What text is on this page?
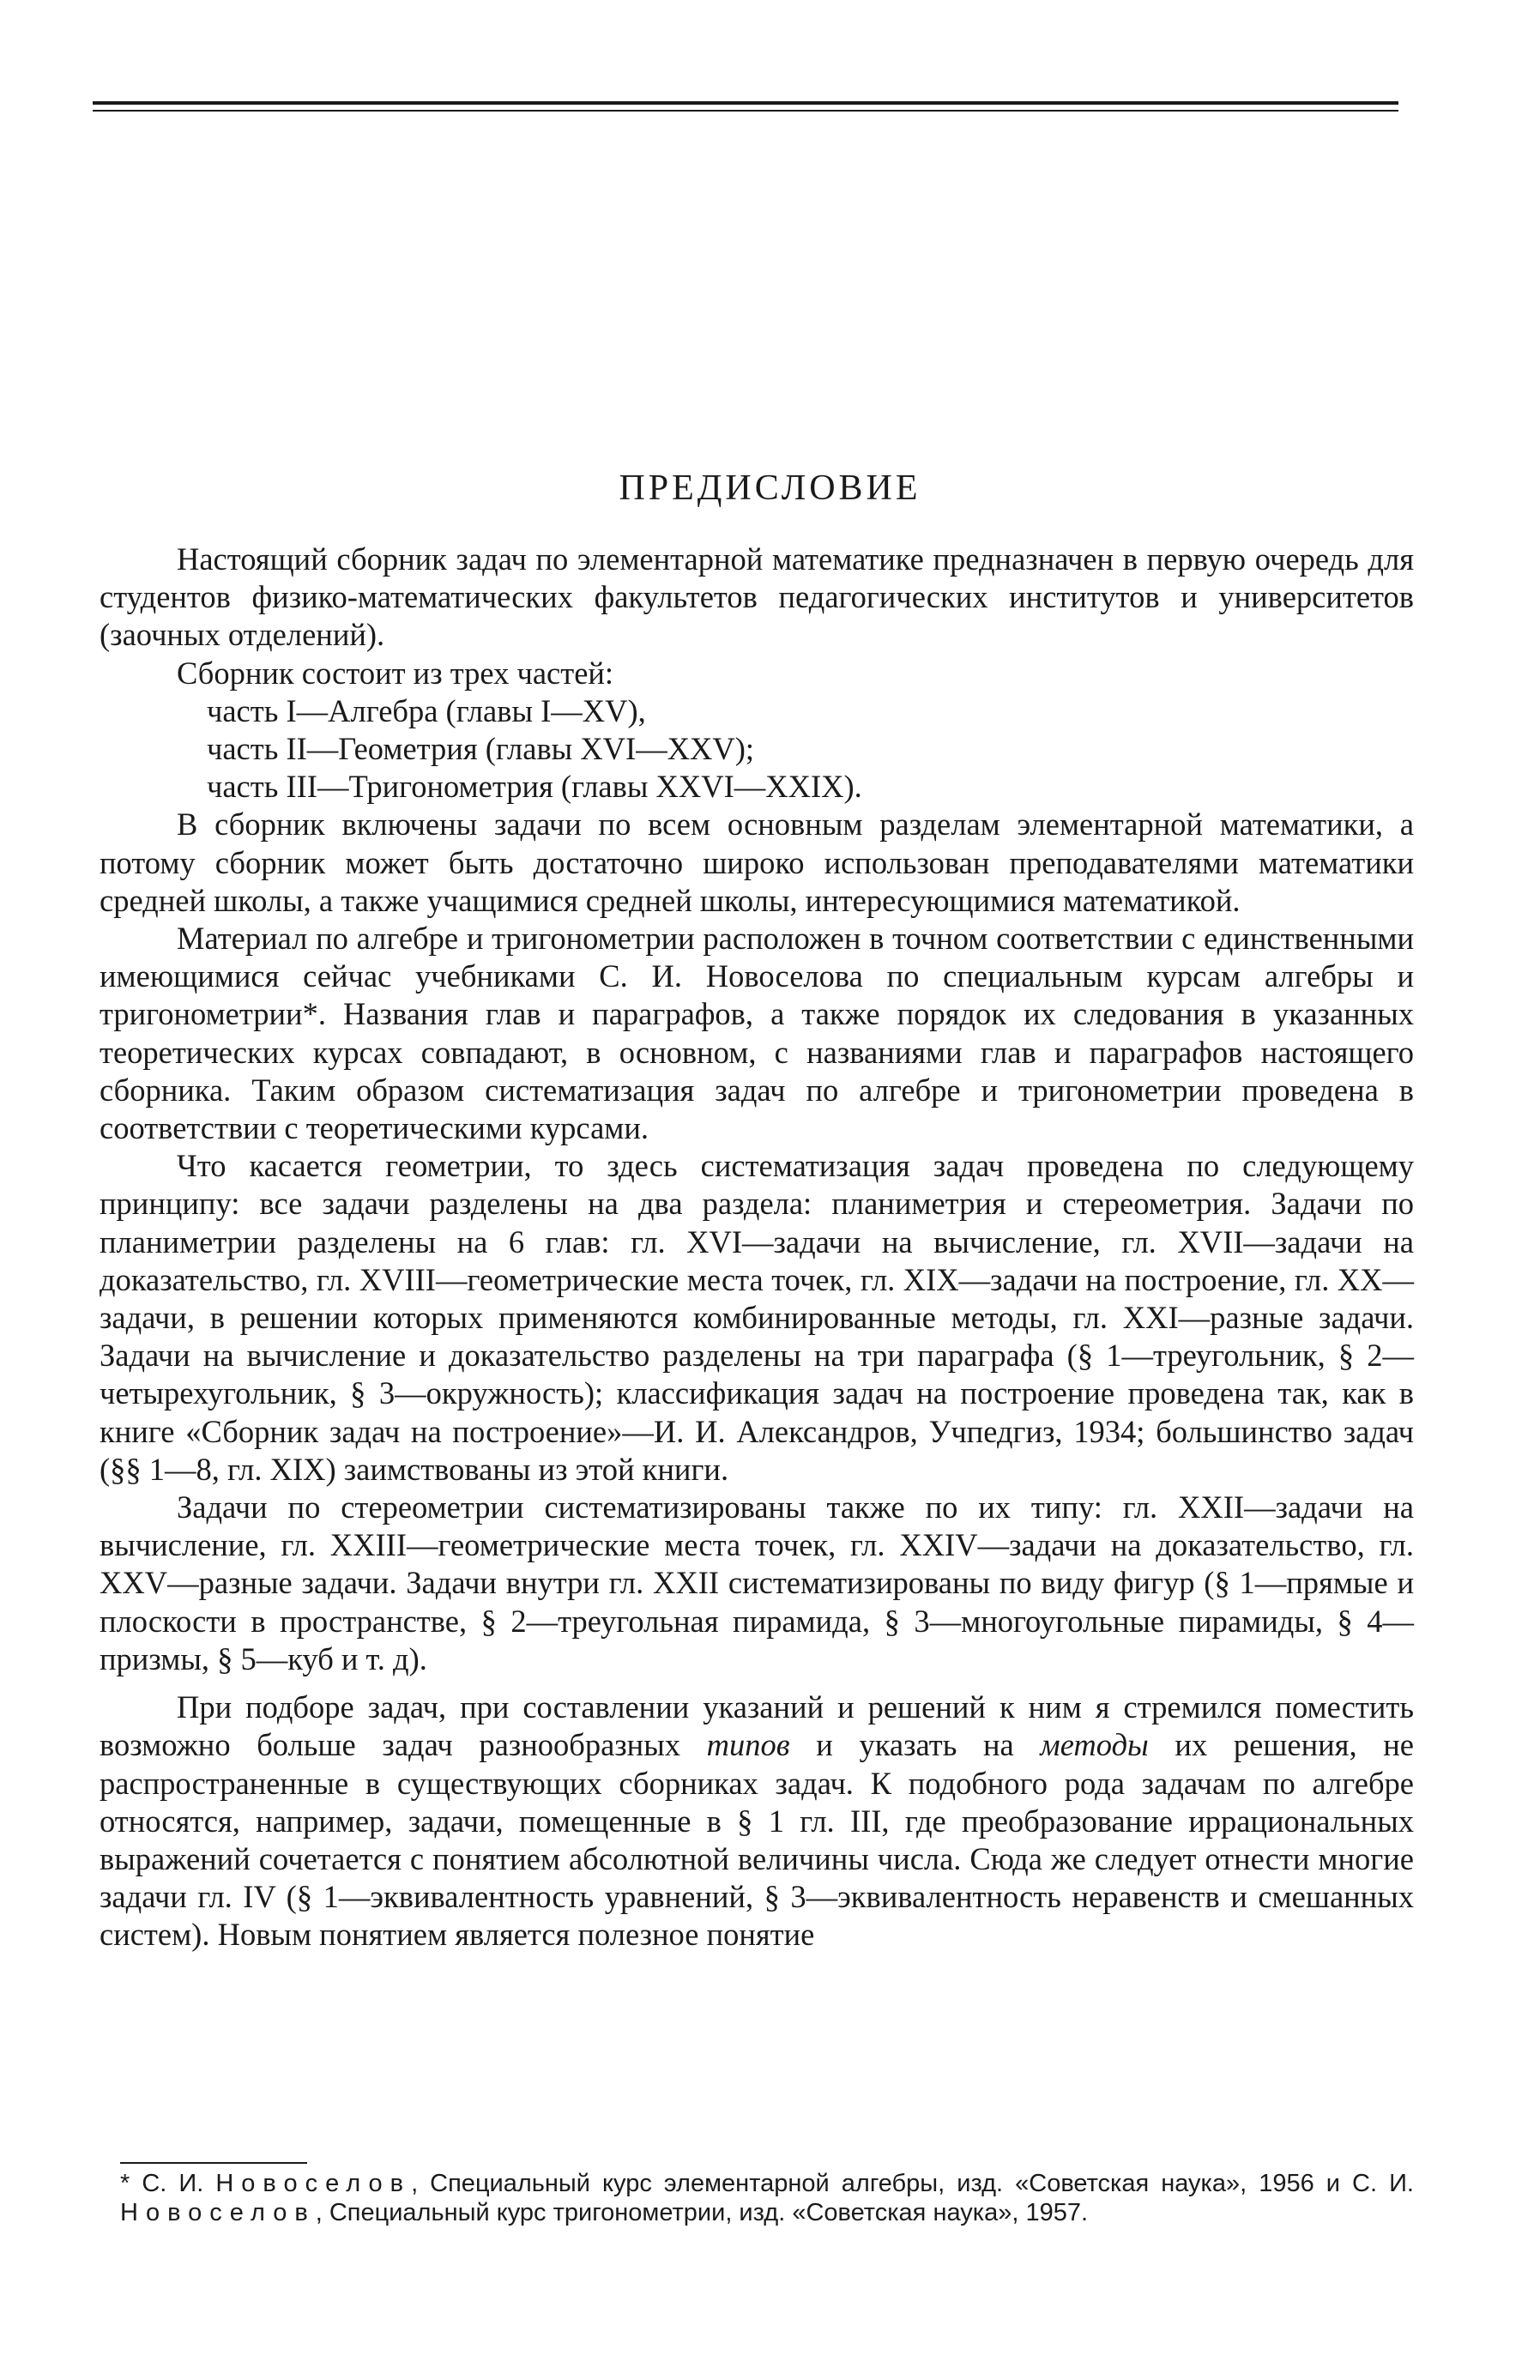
ПРЕДИСЛОВИЕ

Настоящий сборник задач по элементарной математике предназначен в первую очередь для студентов физико-математических факультетов педагогических институтов и университетов (заочных отделений).

Сборник состоит из трех частей:

часть I—Алгебра (главы I—XV),
часть II—Геометрия (главы XVI—XXV);
часть III—Тригонометрия (главы XXVI—XXIX).

В сборник включены задачи по всем основным разделам элементарной математики, а потому сборник может быть достаточно широко использован преподавателями математики средней школы, а также учащимися средней школы, интересующимися математикой.

Материал по алгебре и тригонометрии расположен в точном соответствии с единственными имеющимися сейчас учебниками С. И. Новоселова по специальным курсам алгебры и тригонометрии*. Названия глав и параграфов, а также порядок их следования в указанных теоретических курсах совпадают, в основном, с названиями глав и параграфов настоящего сборника. Таким образом систематизация задач по алгебре и тригонометрии проведена в соответствии с теоретическими курсами.

Что касается геометрии, то здесь систематизация задач проведена по следующему принципу: все задачи разделены на два раздела: планиметрия и стереометрия. Задачи по планиметрии разделены на 6 глав: гл. XVI—задачи на вычисление, гл. XVII—задачи на доказательство, гл. XVIII—геометрические места точек, гл. XIX—задачи на построение, гл. XX—задачи, в решении которых применяются комбинированные методы, гл. XXI—разные задачи. Задачи на вычисление и доказательство разделены на три параграфа (§ 1—треугольник, § 2—четырехугольник, § 3—окружность); классификация задач на построение проведена так, как в книге «Сборник задач на построение»—И. И. Александров, Учпедгиз, 1934; большинство задач (§§ 1—8, гл. XIX) заимствованы из этой книги.

Задачи по стереометрии систематизированы также по их типу: гл. XXII—задачи на вычисление, гл. XXIII—геометрические места точек, гл. XXIV—задачи на доказательство, гл. XXV—разные задачи. Задачи внутри гл. XXII систематизированы по виду фигур (§ 1—прямые и плоскости в пространстве, § 2—треугольная пирамида, § 3—многоугольные пирамиды, § 4—призмы, § 5—куб и т. д).

При подборе задач, при составлении указаний и решений к ним я стремился поместить возможно больше задач разнообразных типов и указать на методы их решения, не распространенные в существующих сборниках задач. К подобного рода задачам по алгебре относятся, например, задачи, помещенные в § 1 гл. III, где преобразование иррациональных выражений сочетается с понятием абсолютной величины числа. Сюда же следует отнести многие задачи гл. IV (§ 1—эквивалентность уравнений, § 3—эквивалентность неравенств и смешанных систем). Новым понятием является полезное понятие

* С. И. Новоселов, Специальный курс элементарной алгебры, изд. «Советская наука», 1956 и С. И. Новоселов, Специальный курс тригонометрии, изд. «Советская наука», 1957.
